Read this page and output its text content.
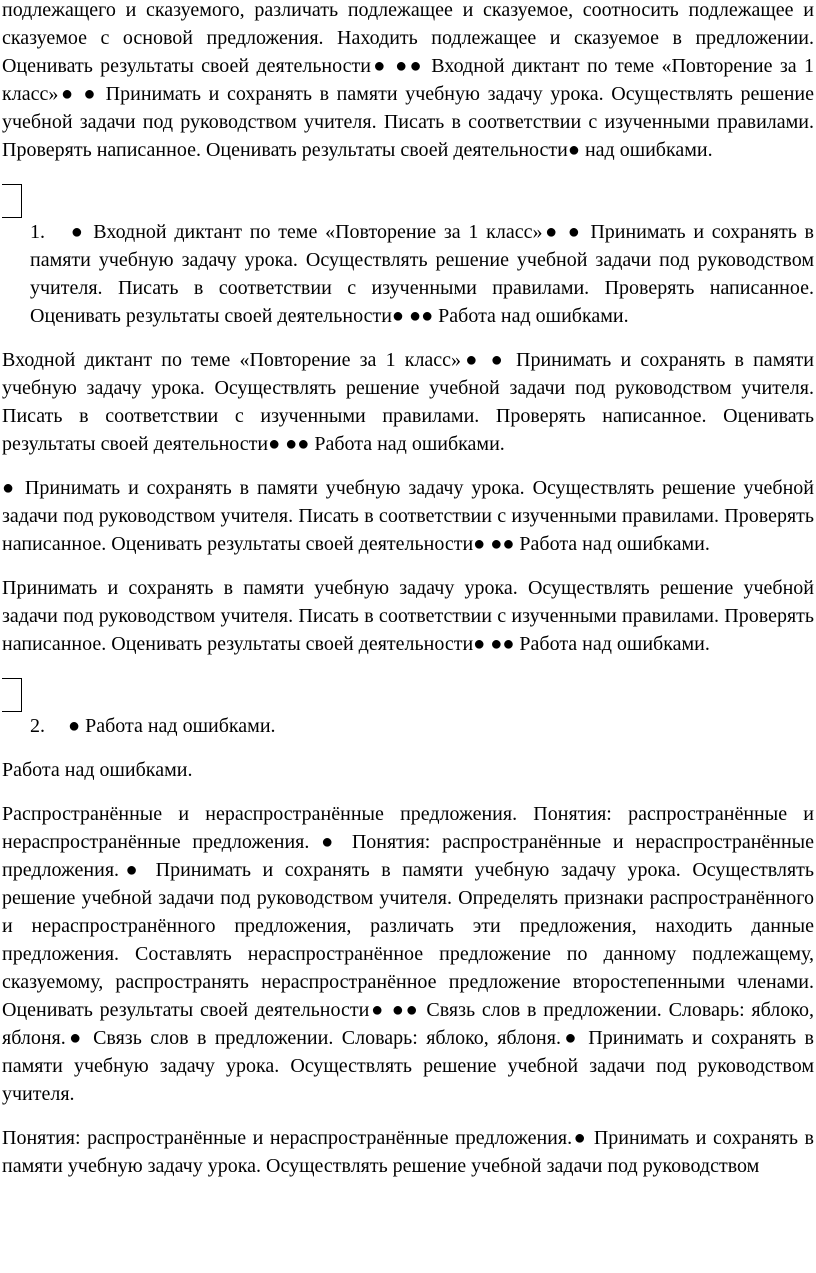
подлежащего и сказуемого, различать подлежащее и сказуемое, соотносить подлежащее и сказуемое с основой предложения. Находить подлежащее и сказуемое в предложении. Оценивать результаты своей деятельности● ●● Входной диктант по теме «Повторение за 1 класс»● ● Принимать и сохранять в памяти учебную задачу урока. Осуществлять решение учебной задачи под руководством учителя. Писать в соответствии с изученными правилами. Проверять написанное. Оценивать результаты своей деятельности● над ошибками.

1. ● Входной диктант по теме «Повторение за 1 класс»● ● Принимать и сохранять в памяти учебную задачу урока. Осуществлять решение учебной задачи под руководством учителя. Писать в соответствии с изученными правилами. Проверять написанное. Оценивать результаты своей деятельности● ●● Работа над ошибками.

Входной диктант по теме «Повторение за 1 класс»● ● Принимать и сохранять в памяти учебную задачу урока. Осуществлять решение учебной задачи под руководством учителя. Писать в соответствии с изученными правилами. Проверять написанное. Оценивать результаты своей деятельности● ●● Работа над ошибками.

● Принимать и сохранять в памяти учебную задачу урока. Осуществлять решение учебной задачи под руководством учителя. Писать в соответствии с изученными правилами. Проверять написанное. Оценивать результаты своей деятельности● ●● Работа над ошибками.

Принимать и сохранять в памяти учебную задачу урока. Осуществлять решение учебной задачи под руководством учителя. Писать в соответствии с изученными правилами. Проверять написанное. Оценивать результаты своей деятельности● ●● Работа над ошибками.

2. ● Работа над ошибками.

Работа над ошибками.

Распространённые и нераспространённые предложения. Понятия: распространённые и нераспространённые предложения. ● Понятия: распространённые и нераспространённые предложения.● Принимать и сохранять в памяти учебную задачу урока. Осуществлять решение учебной задачи под руководством учителя. Определять признаки распространённого и нераспространённого предложения, различать эти предложения, находить данные предложения. Составлять нераспространённое предложение по данному подлежащему, сказуемому, распространять нераспространённое предложение второстепенными членами. Оценивать результаты своей деятельности● ●● Связь слов в предложении. Словарь: яблоко, яблоня.● Связь слов в предложении. Словарь: яблоко, яблоня.● Принимать и сохранять в памяти учебную задачу урока. Осуществлять решение учебной задачи под руководством учителя.

Понятия: распространённые и нераспространённые предложения.● Принимать и сохранять в памяти учебную задачу урока. Осуществлять решение учебной задачи под руководством
